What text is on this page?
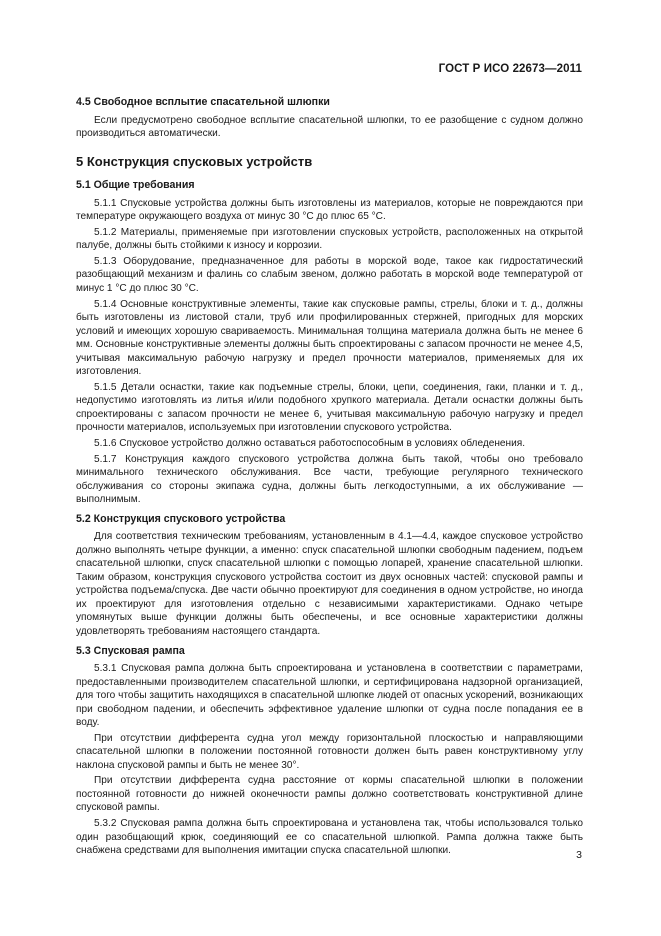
ГОСТ Р ИСО 22673—2011
4.5 Свободное всплытие спасательной шлюпки

Если предусмотрено свободное всплытие спасательной шлюпки, то ее разобщение с судном должно производиться автоматически.

5 Конструкция спусковых устройств
5.1 Общие требования

5.1.1 Спусковые устройства должны быть изготовлены из материалов, которые не повреждаются при температуре окружающего воздуха от минус 30 °С до плюс 65 °С.

5.1.2 Материалы, применяемые при изготовлении спусковых устройств, расположенных на открытой палубе, должны быть стойкими к износу и коррозии.

5.1.3 Оборудование, предназначенное для работы в морской воде, такое как гидростатический разобщающий механизм и фалинь со слабым звеном, должно работать в морской воде температурой от минус 1 °С до плюс 30 °С.

5.1.4 Основные конструктивные элементы, такие как спусковые рампы, стрелы, блоки и т. д., должны быть изготовлены из листовой стали, труб или профилированных стержней, пригодных для морских условий и имеющих хорошую свариваемость. Минимальная толщина материала должна быть не менее 6 мм. Основные конструктивные элементы должны быть спроектированы с запасом прочности не менее 4,5, учитывая максимальную рабочую нагрузку и предел прочности материалов, применяемых для их изготовления.

5.1.5 Детали оснастки, такие как подъемные стрелы, блоки, цепи, соединения, гаки, планки и т. д., недопустимо изготовлять из литья и/или подобного хрупкого материала. Детали оснастки должны быть спроектированы с запасом прочности не менее 6, учитывая максимальную рабочую нагрузку и предел прочности материалов, используемых при изготовлении спускового устройства.

5.1.6 Спусковое устройство должно оставаться работоспособным в условиях обледенения.

5.1.7 Конструкция каждого спускового устройства должна быть такой, чтобы оно требовало минимального технического обслуживания. Все части, требующие регулярного технического обслуживания со стороны экипажа судна, должны быть легкодоступными, а их обслуживание — выполнимым.

5.2 Конструкция спускового устройства

Для соответствия техническим требованиям, установленным в 4.1—4.4, каждое спусковое устройство должно выполнять четыре функции, а именно: спуск спасательной шлюпки свободным падением, подъем спасательной шлюпки, спуск спасательной шлюпки с помощью лопарей, хранение спасательной шлюпки. Таким образом, конструкция спускового устройства состоит из двух основных частей: спусковой рампы и устройства подъема/спуска. Две части обычно проектируют для соединения в одном устройстве, но иногда их проектируют для изготовления отдельно с независимыми характеристиками. Однако четыре упомянутых выше функции должны быть обеспечены, и все основные характеристики должны удовлетворять требованиям настоящего стандарта.

5.3 Спусковая рампа

5.3.1 Спусковая рампа должна быть спроектирована и установлена в соответствии с параметрами, предоставленными производителем спасательной шлюпки, и сертифицирована надзорной организацией, для того чтобы защитить находящихся в спасательной шлюпке людей от опасных ускорений, возникающих при свободном падении, и обеспечить эффективное удаление шлюпки от судна после попадания ее в воду.

При отсутствии дифферента судна угол между горизонтальной плоскостью и направляющими спасательной шлюпки в положении постоянной готовности должен быть равен конструктивному углу наклона спусковой рампы и быть не менее 30°.

При отсутствии дифферента судна расстояние от кормы спасательной шлюпки в положении постоянной готовности до нижней оконечности рампы должно соответствовать конструктивной длине спусковой рампы.

5.3.2 Спусковая рампа должна быть спроектирована и установлена так, чтобы использовался только один разобщающий крюк, соединяющий ее со спасательной шлюпкой. Рампа должна также быть снабжена средствами для выполнения имитации спуска спасательной шлюпки.	3
